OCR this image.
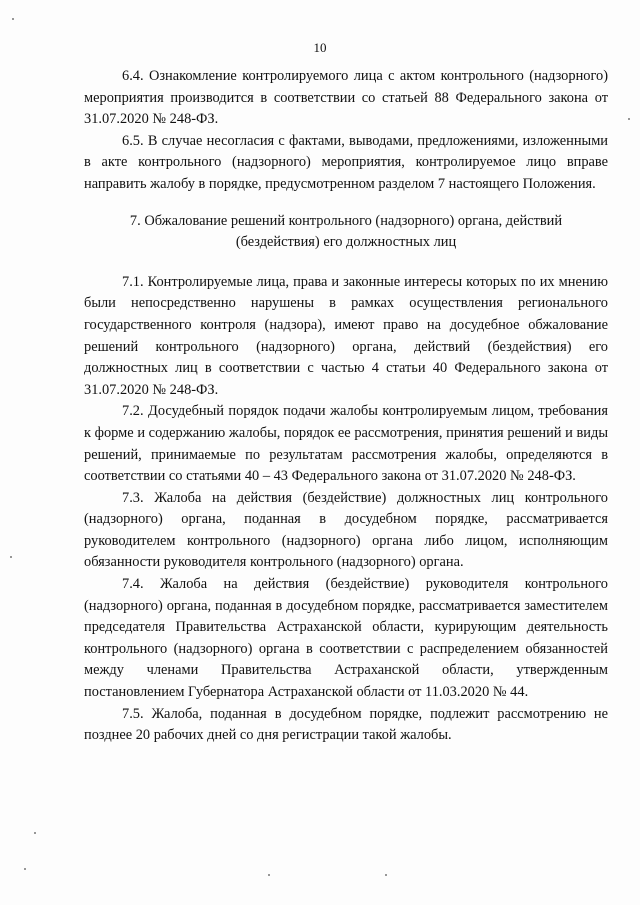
10

6.4. Ознакомление контролируемого лица с актом контрольного (надзорного) мероприятия производится в соответствии со статьей 88 Федерального закона от 31.07.2020 № 248-ФЗ.

6.5. В случае несогласия с фактами, выводами, предложениями, изложенными в акте контрольного (надзорного) мероприятия, контролируемое лицо вправе направить жалобу в порядке, предусмотренном разделом 7 настоящего Положения.

7. Обжалование решений контрольного (надзорного) органа, действий (бездействия) его должностных лиц

7.1. Контролируемые лица, права и законные интересы которых по их мнению были непосредственно нарушены в рамках осуществления регионального государственного контроля (надзора), имеют право на досудебное обжалование решений контрольного (надзорного) органа, действий (бездействия) его должностных лиц в соответствии с частью 4 статьи 40 Федерального закона от 31.07.2020 № 248-ФЗ.

7.2. Досудебный порядок подачи жалобы контролируемым лицом, требования к форме и содержанию жалобы, порядок ее рассмотрения, принятия решений и виды решений, принимаемые по результатам рассмотрения жалобы, определяются в соответствии со статьями 40 – 43 Федерального закона от 31.07.2020 № 248-ФЗ.

7.3. Жалоба на действия (бездействие) должностных лиц контрольного (надзорного) органа, поданная в досудебном порядке, рассматривается руководителем контрольного (надзорного) органа либо лицом, исполняющим обязанности руководителя контрольного (надзорного) органа.

7.4. Жалоба на действия (бездействие) руководителя контрольного (надзорного) органа, поданная в досудебном порядке, рассматривается заместителем председателя Правительства Астраханской области, курирующим деятельность контрольного (надзорного) органа в соответствии с распределением обязанностей между членами Правительства Астраханской области, утвержденным постановлением Губернатора Астраханской области от 11.03.2020 № 44.

7.5. Жалоба, поданная в досудебном порядке, подлежит рассмотрению не позднее 20 рабочих дней со дня регистрации такой жалобы.
